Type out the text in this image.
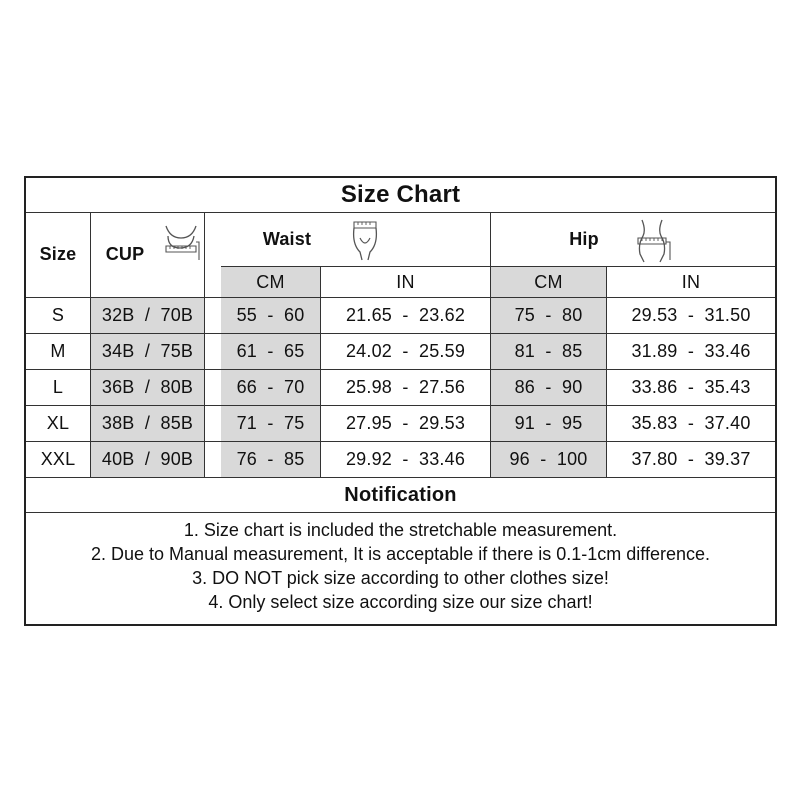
Size Chart
Size	CUP
Waist	Hip
CM	IN	CM	IN
S	32B  /  70B	55  -  60	21.65  -  23.62	75  -  80	29.53  -  31.50
M	34B  /  75B	61  -  65	24.02  -  25.59	81  -  85	31.89  -  33.46
L	36B  /  80B	66  -  70	25.98  -  27.56	86  -  90	33.86  -  35.43
XL	38B  /  85B	71  -  75	27.95  -  29.53	91  -  95	35.83  -  37.40
XXL	40B  /  90B	76  -  85	29.92  -  33.46	96  -  100	37.80  -  39.37
Notification
1. Size chart is included the stretchable measurement.
2. Due to Manual measurement, It is acceptable if there is 0.1-1cm difference.
3. DO NOT pick size according to other clothes size!
4. Only select size according size our size chart!
